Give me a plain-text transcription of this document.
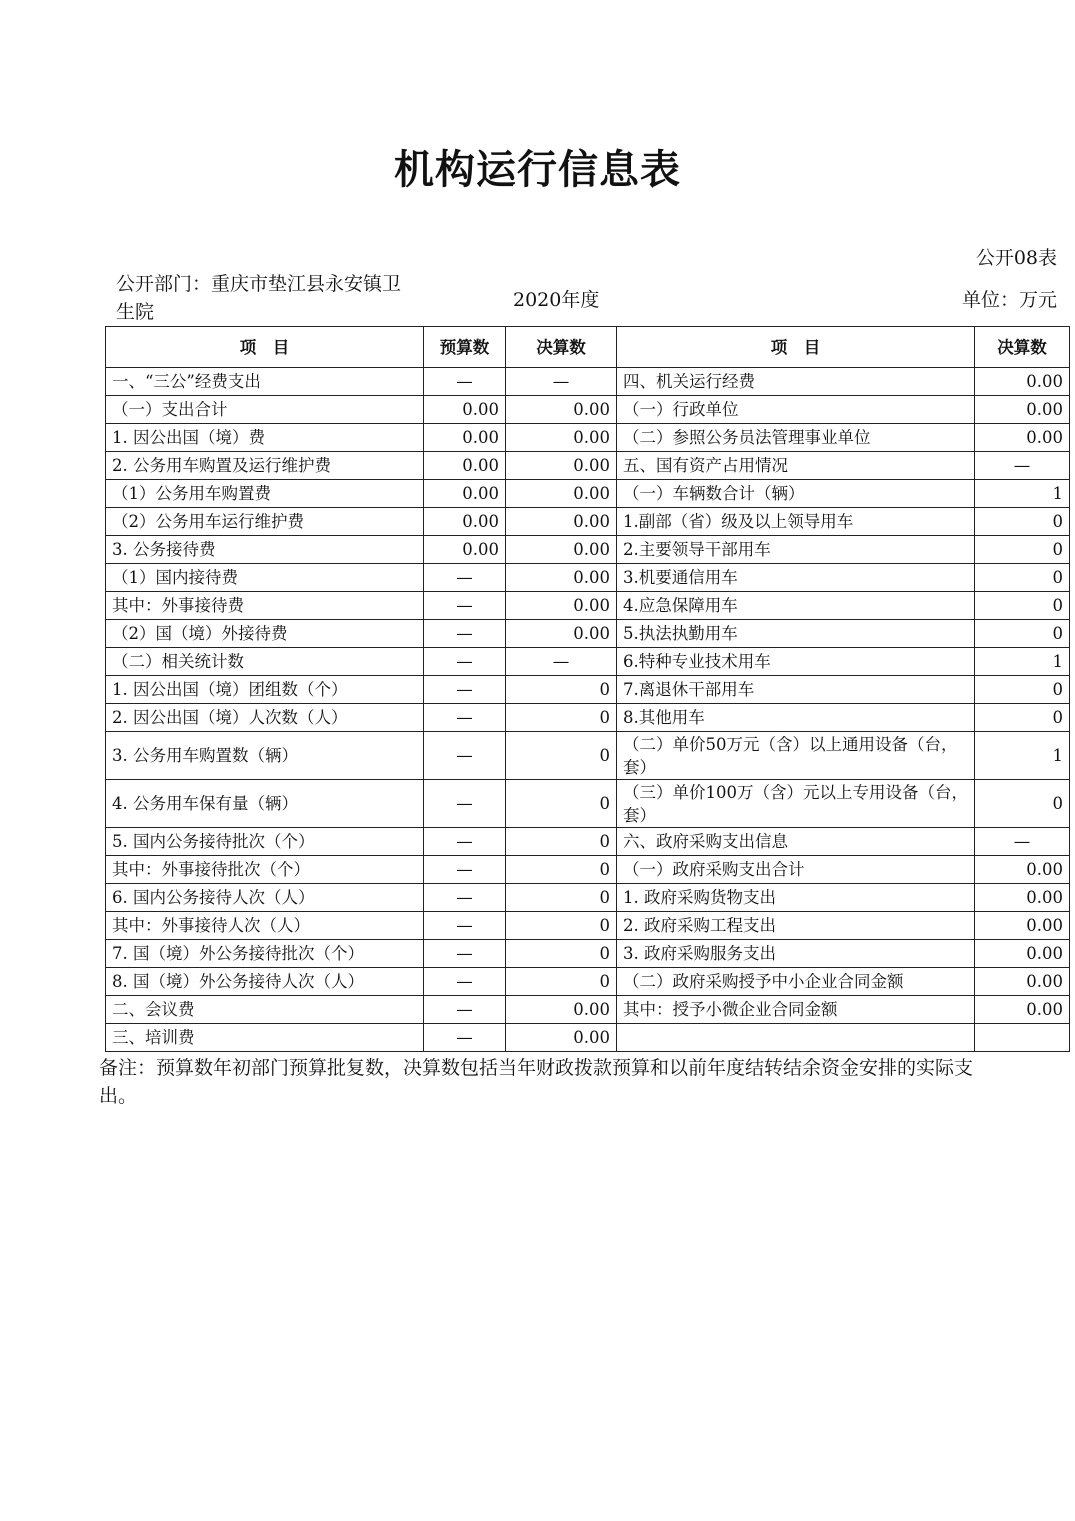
机构运行信息表
公开08表
公开部门：重庆市垫江县永安镇卫生院
2020年度	单位：万元
项　目	预算数	决算数	项　目	决算数
一、“三公”经费支出	—	—	四、机关运行经费	0.00
（一）支出合计	0.00	0.00	（一）行政单位	0.00
1. 因公出国（境）费	0.00	0.00	（二）参照公务员法管理事业单位	0.00
2. 公务用车购置及运行维护费	0.00	0.00	五、国有资产占用情况	—
（1）公务用车购置费	0.00	0.00	（一）车辆数合计（辆）	1
（2）公务用车运行维护费	0.00	0.00	1.副部（省）级及以上领导用车	0
3. 公务接待费	0.00	0.00	2.主要领导干部用车	0
（1）国内接待费	—	0.00	3.机要通信用车	0
其中：外事接待费	—	0.00	4.应急保障用车	0
（2）国（境）外接待费	—	0.00	5.执法执勤用车	0
（二）相关统计数	—	—	6.特种专业技术用车	1
1. 因公出国（境）团组数（个）	—	0	7.离退休干部用车	0
2. 因公出国（境）人次数（人）	—	0	8.其他用车	0
3. 公务用车购置数（辆）	—	0	（二）单价50万元（含）以上通用设备（台，套）	1
4. 公务用车保有量（辆）	—	0	（三）单价100万（含）元以上专用设备（台，套）	0
5. 国内公务接待批次（个）	—	0	六、政府采购支出信息	—
其中：外事接待批次（个）	—	0	（一）政府采购支出合计	0.00
6. 国内公务接待人次（人）	—	0	1. 政府采购货物支出	0.00
其中：外事接待人次（人）	—	0	2. 政府采购工程支出	0.00
7. 国（境）外公务接待批次（个）	—	0	3. 政府采购服务支出	0.00
8. 国（境）外公务接待人次（人）	—	0	（二）政府采购授予中小企业合同金额	0.00
二、会议费	—	0.00	其中：授予小微企业合同金额	0.00
三、培训费	—	0.00		
备注：预算数年初部门预算批复数，决算数包括当年财政拨款预算和以前年度结转结余资金安排的实际支出。
